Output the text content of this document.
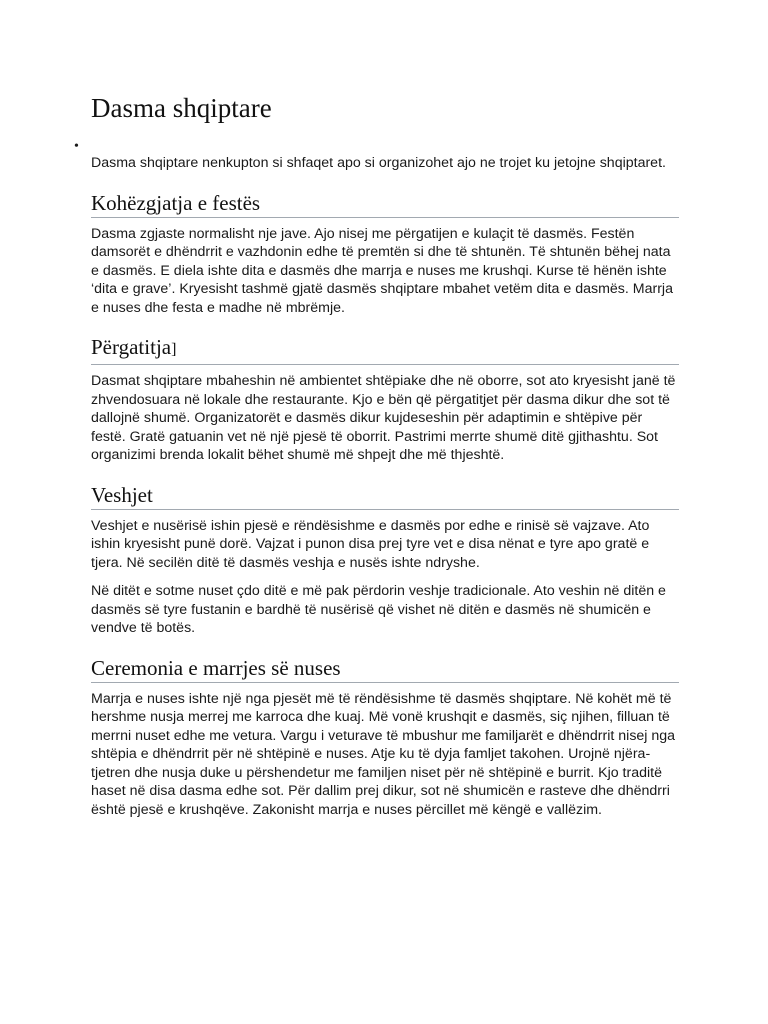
Dasma shqiptare
•

Dasma shqiptare nenkupton si shfaqet apo si organizohet ajo ne trojet ku jetojne shqiptaret.

Kohëzgjatja e festës

Dasma zgjaste normalisht nje jave. Ajo nisej me përgatijen e kulaçit të dasmës. Festën damsorët e dhëndrrit e vazhdonin edhe të premtën si dhe të shtunën. Të shtunën bëhej nata e dasmës. E diela ishte dita e dasmës dhe marrja e nuses me krushqi. Kurse të hënën ishte ‘dita e grave’. Kryesisht tashmë gjatë dasmës shqiptare mbahet vetëm dita e dasmës. Marrja e nuses dhe festa e madhe në mbrëmje.

Përgatitja]

Dasmat shqiptare mbaheshin në ambientet shtëpiake dhe në oborre, sot ato kryesisht janë të zhvendosuara në lokale dhe restaurante. Kjo e bën që përgatitjet për dasma dikur dhe sot të dallojnë shumë. Organizatorët e dasmës dikur kujdeseshin për adaptimin e shtëpive për festë. Gratë gatuanin vet në një pjesë të oborrit. Pastrimi merrte shumë ditë gjithashtu. Sot organizimi brenda lokalit bëhet shumë më shpejt dhe më thjeshtë.

Veshjet

Veshjet e nusërisë ishin pjesë e rëndësishme e dasmës por edhe e rinisë së vajzave. Ato ishin kryesisht punë dorë. Vajzat i punon disa prej tyre vet e disa nënat e tyre apo gratë e tjera. Në secilën ditë të dasmës veshja e nusës ishte ndryshe.

Në ditët e sotme nuset çdo ditë e më pak përdorin veshje tradicionale. Ato veshin në ditën e dasmës së tyre fustanin e bardhë të nusërisë që vishet në ditën e dasmës në shumicën e vendve të botës.

Ceremonia e marrjes së nuses

Marrja e nuses ishte një nga pjesët më të rëndësishme të dasmës shqiptare. Në kohët më të hershme nusja merrej me karroca dhe kuaj. Më vonë krushqit e dasmës, siç njihen, filluan të merrni nuset edhe me vetura. Vargu i veturave të mbushur me familjarët e dhëndrrit nisej nga shtëpia e dhëndrrit për në shtëpinë e nuses. Atje ku të dyja famljet takohen. Urojnë njëra-tjetren dhe nusja duke u përshendetur me familjen niset për në shtëpinë e burrit. Kjo traditë haset në disa dasma edhe sot. Për dallim prej dikur, sot në shumicën e rasteve dhe dhëndrri është pjesë e krushqëve. Zakonisht marrja e nuses përcillet më këngë e vallëzim.
